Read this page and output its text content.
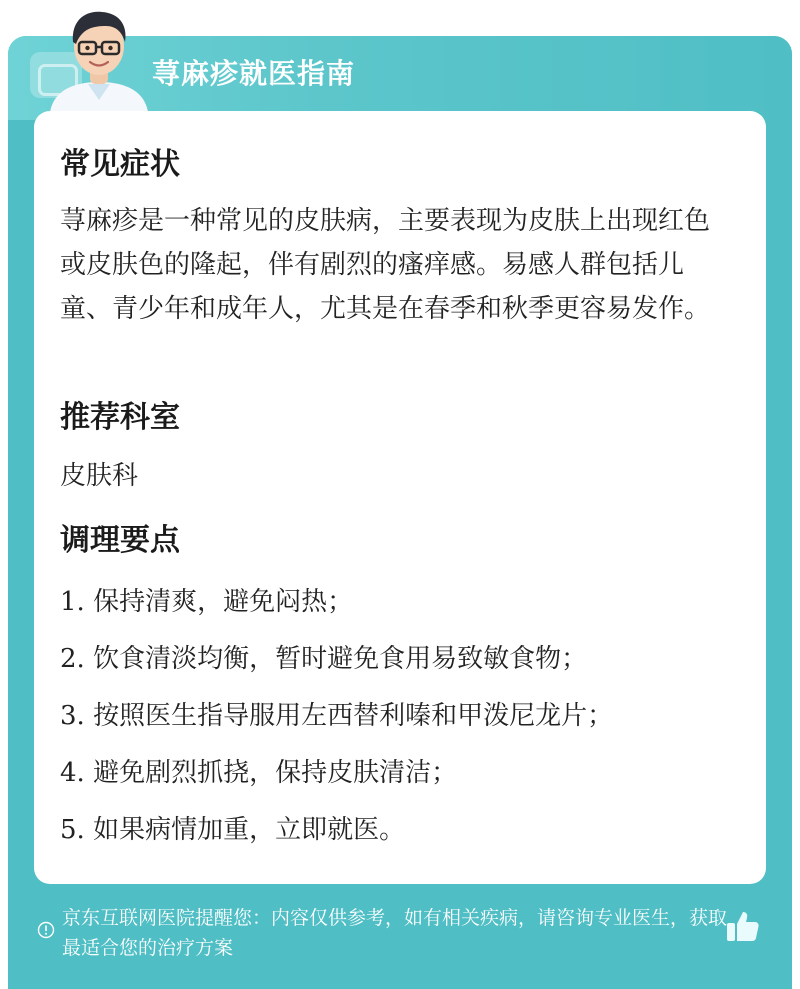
荨麻疹就医指南
常见症状
荨麻疹是一种常见的皮肤病，主要表现为皮肤上出现红色或皮肤色的隆起，伴有剧烈的瘙痒感。易感人群包括儿童、青少年和成年人，尤其是在春季和秋季更容易发作。
推荐科室
皮肤科
调理要点
1. 保持清爽，避免闷热；
2. 饮食清淡均衡，暂时避免食用易致敏食物；
3. 按照医生指导服用左西替利嗪和甲泼尼龙片；
4. 避免剧烈抓挠，保持皮肤清洁；
5. 如果病情加重，立即就医。
京东互联网医院提醒您：内容仅供参考，如有相关疾病，请咨询专业医生，获取最适合您的治疗方案
